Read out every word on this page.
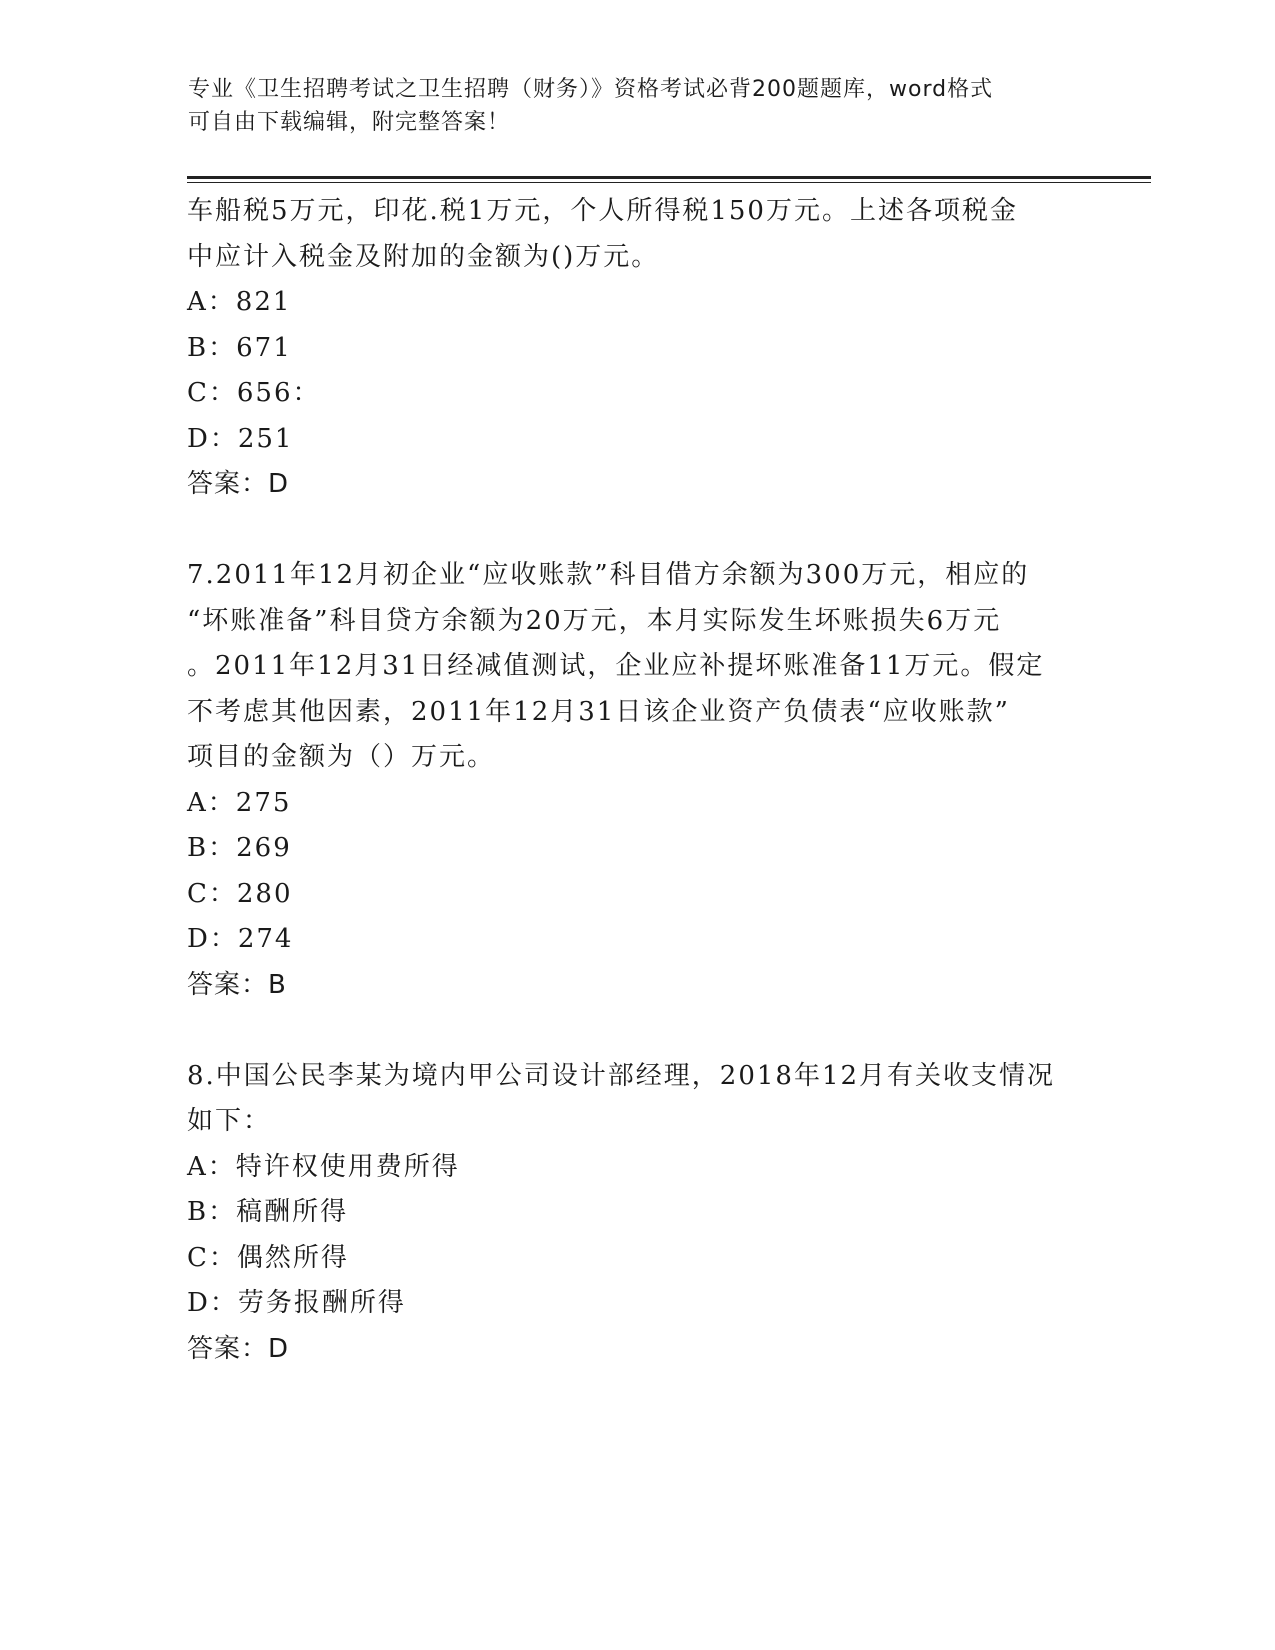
专业《卫生招聘考试之卫生招聘（财务）》资格考试必背200题题库，word格式
可自由下载编辑，附完整答案！
车船税5万元，印花.税1万元，个人所得税150万元。上述各项税金
中应计入税金及附加的金额为()万元。
A：821
B：671
C：656：
D：251
答案：D
7.2011年12月初企业“应收账款”科目借方余额为300万元，相应的
“坏账准备”科目贷方余额为20万元，本月实际发生坏账损失6万元
。2011年12月31日经减值测试，企业应补提坏账准备11万元。假定
不考虑其他因素，2011年12月31日该企业资产负债表“应收账款”
项目的金额为（）万元。
A：275
B：269
C：280
D：274
答案：B
8.中国公民李某为境内甲公司设计部经理，2018年12月有关收支情况
如下：
A：特许权使用费所得
B：稿酬所得
C：偶然所得
D：劳务报酬所得
答案：D
